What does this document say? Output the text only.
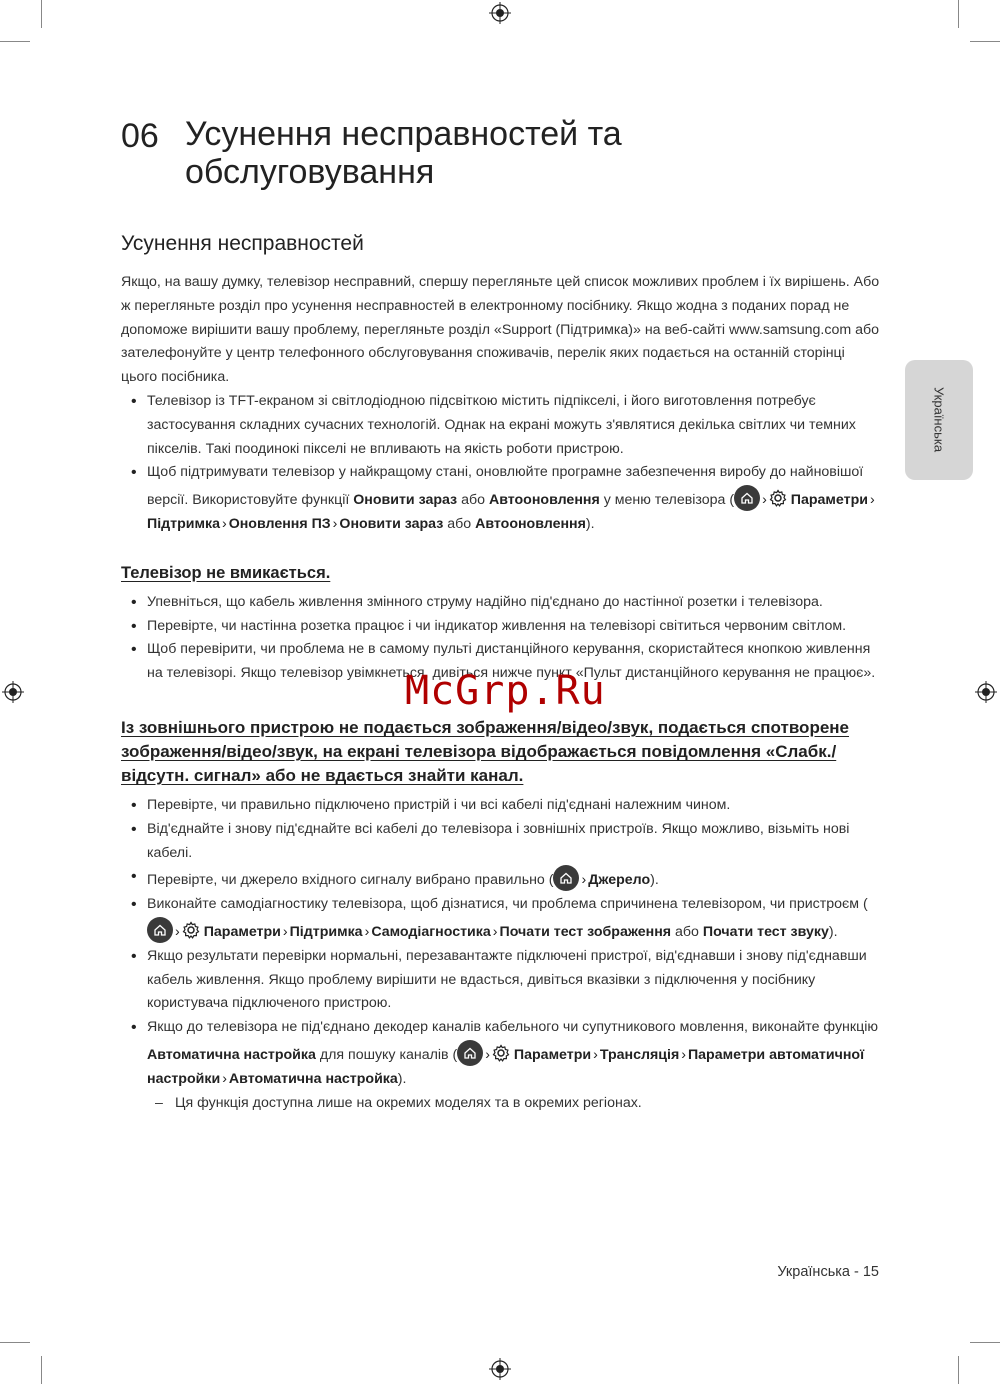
06 Усунення несправностей та обслуговування
Усунення несправностей

Якщо, на вашу думку, телевізор несправний, спершу перегляньте цей список можливих проблем і їх вирішень. Або ж перегляньте розділ про усунення несправностей в електронному посібнику. Якщо жодна з поданих порад не допоможе вирішити вашу проблему, перегляньте розділ «Support (Підтримка)» на веб-сайті www.samsung.com або зателефонуйте у центр телефонного обслуговування споживачів, перелік яких подається на останній сторінці цього посібника.

• Телевізор із TFT-екраном зі світлодіодною підсвіткою містить підпікселі, і його виготовлення потребує застосування складних сучасних технологій. Однак на екрані можуть з'являтися декілька світлих чи темних пікселів. Такі поодинокі пікселі не впливають на якість роботи пристрою.
• Щоб підтримувати телевізор у найкращому стані, оновлюйте програмне забезпечення виробу до найновішої версії. Використовуйте функції Оновити зараз або Автооновлення у меню телевізора ( › Параметри ›Підтримка › Оновлення ПЗ › Оновити зараз або Автооновлення).
Телевізор не вмикається.
• Упевніться, що кабель живлення змінного струму надійно під'єднано до настінної розетки і телевізора.
• Перевірте, чи настінна розетка працює і чи індикатор живлення на телевізорі світиться червоним світлом.
• Щоб перевірити, чи проблема не в самому пульті дистанційного керування, скористайтеся кнопкою живлення на телевізорі. Якщо телевізор увімкнеться, дивіться нижче пункт «Пульт дистанційного керування не працює».
Із зовнішнього пристрою не подається зображення/відео/звук, подається спотворене зображення/відео/звук, на екрані телевізора відображається повідомлення «Слабк./відсутн. сигнал» або не вдається знайти канал.
• Перевірте, чи правильно підключено пристрій і чи всі кабелі під'єднані належним чином.
• Від'єднайте і знову під'єднайте всі кабелі до телевізора і зовнішніх пристроїв. Якщо можливо, візьміть нові кабелі.
• Перевірте, чи джерело вхідного сигналу вибрано правильно ( › Джерело).
• Виконайте самодіагностику телевізора, щоб дізнатися, чи проблема спричинена телевізором, чи пристроєм (
› Параметри › Підтримка › Самодіагностика › Почати тест зображення або Почати тест звуку).
• Якщо результати перевірки нормальні, перезавантажте підключені пристрої, від'єднавши і знову під'єднавши кабель живлення. Якщо проблему вирішити не вдасться, дивіться вказівки з підключення у посібнику користувача підключеного пристрою.
• Якщо до телевізора не під'єднано декодер каналів кабельного чи супутникового мовлення, виконайте функцію Автоматична настройка для пошуку каналів ( › Параметри › Трансляція › Параметри автоматичної настройки › Автоматична настройка).
– Ця функція доступна лише на окремих моделях та в окремих регіонах.
Українська
McGrp.Ru
Українська - 15
